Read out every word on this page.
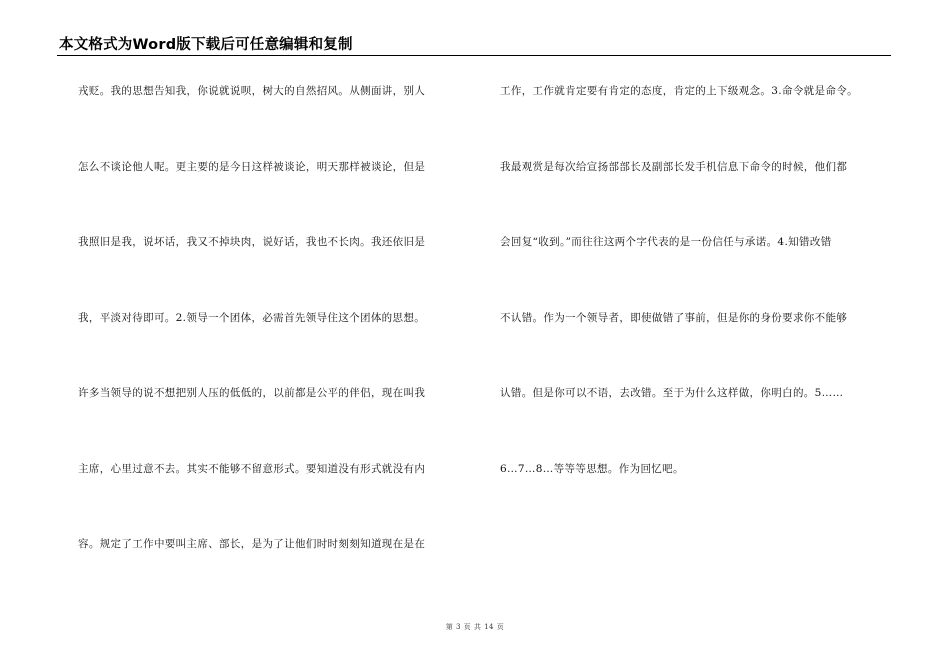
本文格式为Word版下载后可任意编辑和复制
戎贬。我的思想告知我，你说就说呗，树大的自然招风。从侧面讲，别人
怎么不谈论他人呢。更主要的是今日这样被谈论，明天那样被谈论，但是
我照旧是我，说坏话，我又不掉块肉，说好话，我也不长肉。我还依旧是
我，平淡对待即可。2.领导一个团体，必需首先领导住这个团体的思想。
许多当领导的说不想把别人压的低低的，以前都是公平的伴侣，现在叫我
主席，心里过意不去。其实不能够不留意形式。要知道没有形式就没有内
容。规定了工作中要叫主席、部长，是为了让他们时时刻刻知道现在是在
工作，工作就肯定要有肯定的态度，肯定的上下级观念。3.命令就是命令。
我最观赏是每次给宣扬部部长及副部长发手机信息下命令的时候，他们都
会回复“收到。”而往往这两个字代表的是一份信任与承诺。4.知错改错
不认错。作为一个领导者，即使做错了事前，但是你的身份要求你不能够
认错。但是你可以不语，去改错。至于为什么这样做，你明白的。5……
6…7…8…等等等思想。作为回忆吧。
第 3 页 共 14 页
